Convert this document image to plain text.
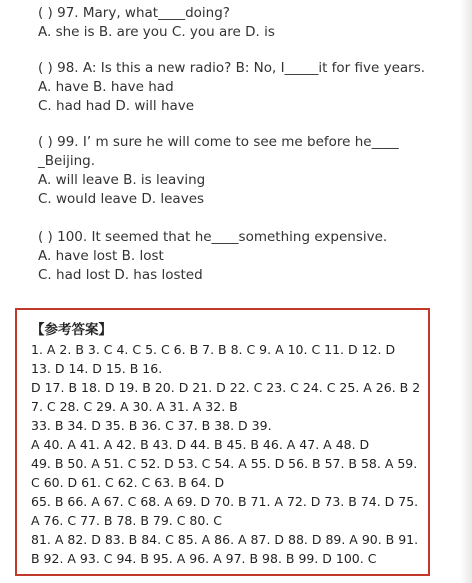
( ) 97. Mary, what____doing?
A. she is B. are you C. you are D. is
( ) 98. A: Is this a new radio? B: No, I_____it for five years.
A. have B. have had
C. had had D. will have
( ) 99. I’ m sure he will come to see me before he____
_Beijing.
A. will leave B. is leaving
C. would leave D. leaves
( ) 100. It seemed that he____something expensive.
A. have lost B. lost
C. had lost D. has losted
【参考答案】
1. A 2. B 3. C 4. C 5. C 6. B 7. B 8. C 9. A 10. C 11. D 12. D
13. D 14. D 15. B 16.
D 17. B 18. D 19. B 20. D 21. D 22. C 23. C 24. C 25. A 26. B 2
7. C 28. C 29. A 30. A 31. A 32. B
33. B 34. D 35. B 36. C 37. B 38. D 39.
A 40. A 41. A 42. B 43. D 44. B 45. B 46. A 47. A 48. D
49. B 50. A 51. C 52. D 53. C 54. A 55. D 56. B 57. B 58. A 59.
C 60. D 61. C 62. C 63. B 64. D
65. B 66. A 67. C 68. A 69. D 70. B 71. A 72. D 73. B 74. D 75.
A 76. C 77. B 78. B 79. C 80. C
81. A 82. D 83. B 84. C 85. A 86. A 87. D 88. D 89. A 90. B 91.
B 92. A 93. C 94. B 95. A 96. A 97. B 98. B 99. D 100. C
